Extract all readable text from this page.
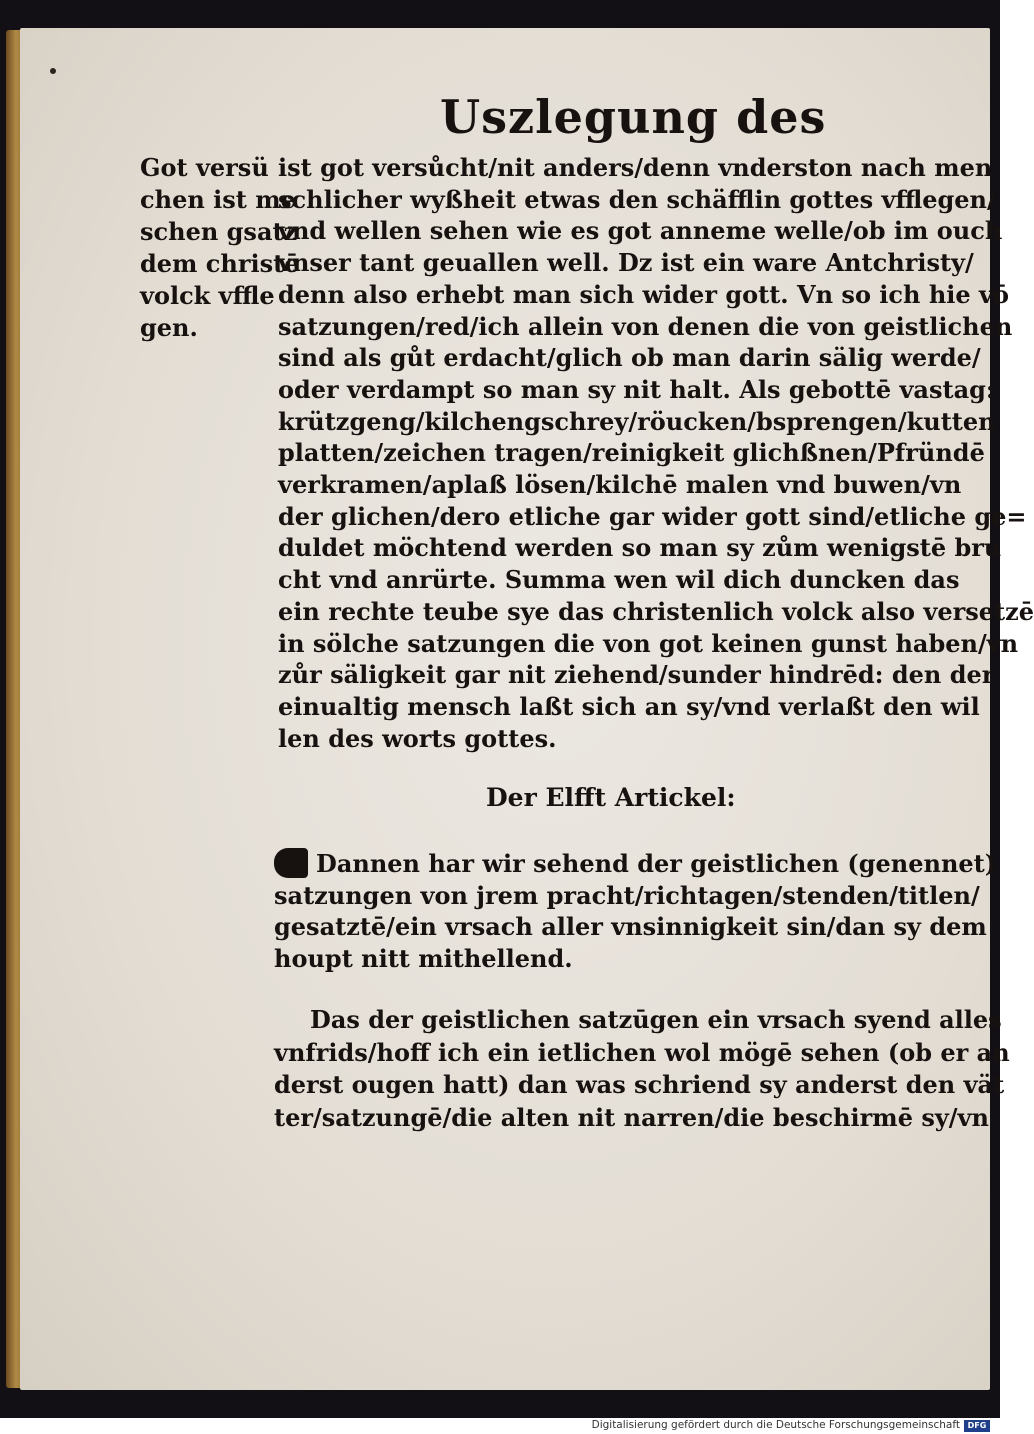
Uszlegung des
Got versü
chen ist me
schen gsatz
dem christē
volck vffle
gen.
ist got versůcht/nit anders/denn vnderston nach men
schlicher wyßheit etwas den schäfflin gottes vfflegen/
vnd wellen sehen wie es got anneme welle/ob im ouch
vnser tant geuallen well. Dz ist ein ware Antchristy/
denn also erhebt man sich wider gott. Vn so ich hie vō
satzungen/red/ich allein von denen die von geistlichen
sind als gůt erdacht/glich ob man darin sälig werde/
oder verdampt so man sy nit halt. Als gebottē vastag:
krützgeng/kilchengschrey/röucken/bsprengen/kutten
platten/zeichen tragen/reinigkeit glichßnen/Pfründē
verkramen/aplaß lösen/kilchē malen vnd buwen/vn
der glichen/dero etliche gar wider gott sind/etliche ge=
duldet möchtend werden so man sy zům wenigstē bru
cht vnd anrürte. Summa wen wil dich duncken das
ein rechte teube sye das christenlich volck also versetzē
in sölche satzungen die von got keinen gunst haben/vn
zůr säligkeit gar nit ziehend/sunder hindrēd: den der
einualtig mensch laßt sich an sy/vnd verlaßt den wil
len des worts gottes.
Der Elfft Artickel:
Dannen har wir sehend der geistlichen (genennet)
satzungen von jrem pracht/richtagen/stenden/titlen/
gesatztē/ein vrsach aller vnsinnigkeit sin/dan sy dem
houpt nitt mithellend.
Das der geistlichen satzūgen ein vrsach syend alles
vnfrids/hoff ich ein ietlichen wol mögē sehen (ob er an
derst ougen hatt) dan was schriend sy anderst den vät
ter/satzungē/die alten nit narren/die beschirmē sy/vn
Digitalisierung gefördert durch die Deutsche Forschungsgemeinschaft DFG
